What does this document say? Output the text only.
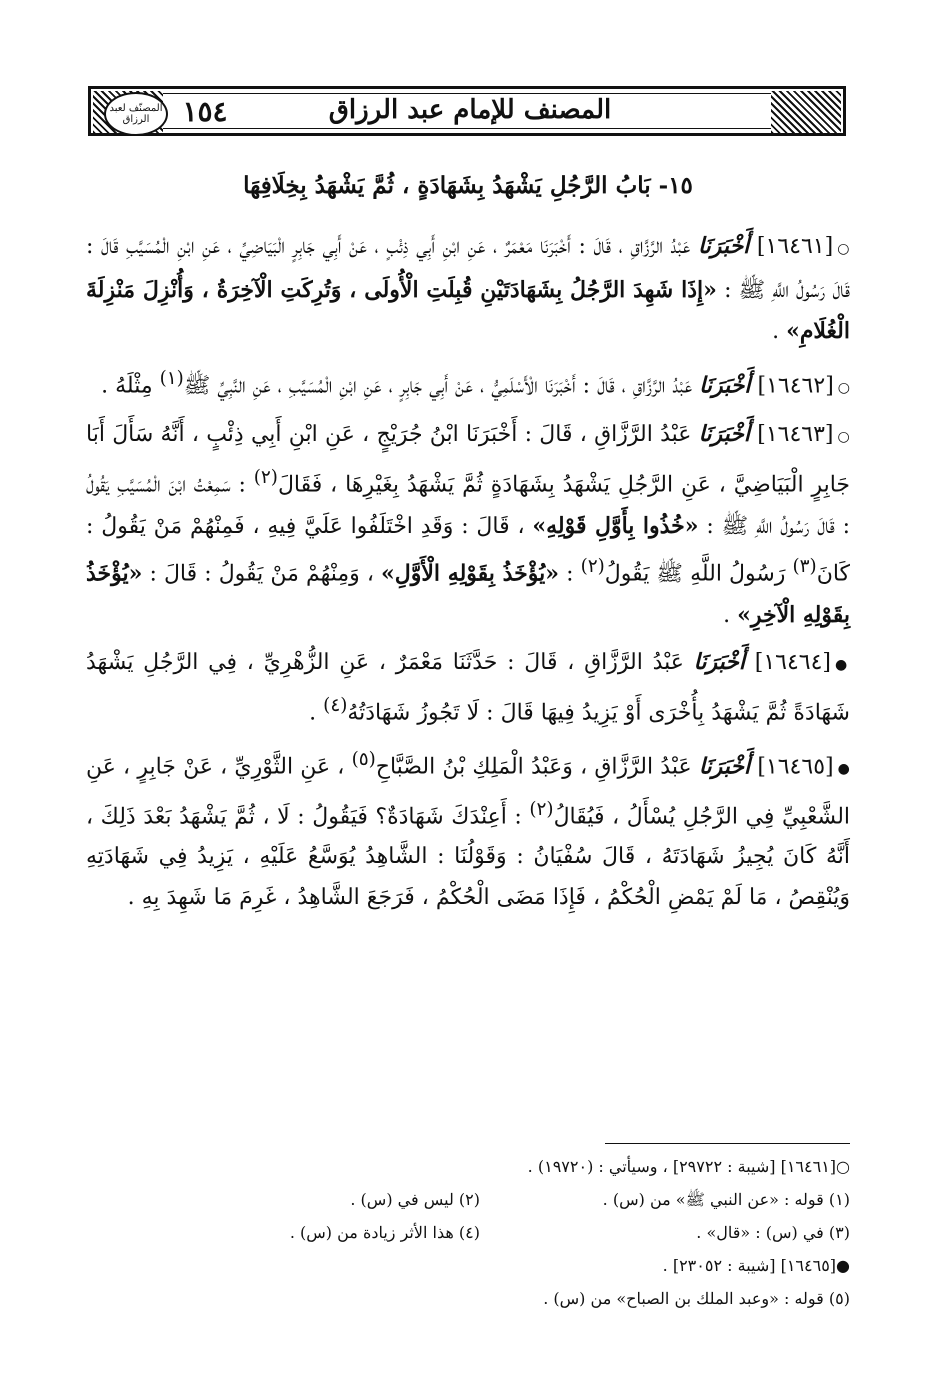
المصنّف لعبد الرزاق	١٥٤	المصنف للإمام عبد الرزاق
١٥- بَابُ الرَّجُلِ يَشْهَدُ بِشَهَادَةٍ ، ثُمَّ يَشْهَدُ بِخِلَافِهَا

○[١٦٤٦١] أَخْبَرَنَا عَبْدُ الرَّزَّاقِ ، قَالَ : أَخْبَرَنَا مَعْمَرٌ ، عَنِ ابْنِ أَبِي ذِئْبٍ ، عَنْ أَبِي جَابِرٍ الْبَيَاضِيِّ ، عَنِ ابْنِ الْمُسَيَّبِ قَالَ : قَالَ رَسُولُ اللَّهِ ﷺ : «إِذَا شَهِدَ الرَّجُلُ بِشَهَادَتَيْنِ قُبِلَتِ الْأُولَى ، وَتُرِكَتِ الْآخِرَةُ ، وَأُنْزِلَ مَنْزِلَةَ الْغُلَامِ» .

○[١٦٤٦٢] أَخْبَرَنَا عَبْدُ الرَّزَّاقِ ، قَالَ : أَخْبَرَنَا الْأَسْلَمِيُّ ، عَنْ أَبِي جَابِرٍ ، عَنِ ابْنِ الْمُسَيَّبِ ، عَنِ النَّبِيِّ ﷺ$^{(١)}$ مِثْلَهُ .

○[١٦٤٦٣] أَخْبَرَنَا عَبْدُ الرَّزَّاقِ ، قَالَ : أَخْبَرَنَا ابْنُ جُرَيْجٍ ، عَنِ ابْنِ أَبِي ذِئْبٍ ، أَنَّهُ سَأَلَ أَبَا جَابِرٍ الْبَيَاضِيَّ ، عَنِ الرَّجُلِ يَشْهَدُ بِشَهَادَةٍ ثُمَّ يَشْهَدُ بِغَيْرِهَا ، فَقَالَ$^{(٢)}$ : سَمِعْتُ ابْنَ الْمُسَيَّبِ يَقُولُ : قَالَ رَسُولُ اللَّهِ ﷺ : «خُذُوا بِأَوَّلِ قَوْلِهِ» ، قَالَ : وَقَدِ اخْتَلَفُوا عَلَيَّ فِيهِ ، فَمِنْهُمْ مَنْ يَقُولُ : كَانَ$^{(٣)}$ رَسُولُ اللَّهِ ﷺ يَقُولُ$^{(٢)}$ : «يُؤْخَذُ بِقَوْلِهِ الْأَوَّلِ» ، وَمِنْهُمْ مَنْ يَقُولُ : قَالَ : «يُؤْخَذُ بِقَوْلِهِ الْآخِرِ» .

●[١٦٤٦٤] أَخْبَرَنَا عَبْدُ الرَّزَّاقِ ، قَالَ : حَدَّثَنَا مَعْمَرٌ ، عَنِ الزُّهْرِيِّ ، فِي الرَّجُلِ يَشْهَدُ شَهَادَةً ثُمَّ يَشْهَدُ بِأُخْرَى أَوْ يَزِيدُ فِيهَا قَالَ : لَا تَجُوزُ شَهَادَتُهُ$^{(٤)}$ .

●[١٦٤٦٥] أَخْبَرَنَا عَبْدُ الرَّزَّاقِ ، وَعَبْدُ الْمَلِكِ بْنُ الصَّبَّاحِ$^{(٥)}$ ، عَنِ الثَّوْرِيِّ ، عَنْ جَابِرٍ ، عَنِ الشَّعْبِيِّ فِي الرَّجُلِ يُسْأَلُ ، فَيُقَالُ$^{(٢)}$ : أَعِنْدَكَ شَهَادَةٌ؟ فَيَقُولُ : لَا ، ثُمَّ يَشْهَدُ بَعْدَ ذَلِكَ ، أَنَّهُ كَانَ يُجِيزُ شَهَادَتَهُ ، قَالَ سُفْيَانُ : وَقَوْلُنَا : الشَّاهِدُ يُوَسَّعُ عَلَيْهِ ، يَزِيدُ فِي شَهَادَتِهِ وَيُنْقِصُ ، مَا لَمْ يَمْضِ الْحُكْمُ ، فَإِذَا مَضَى الْحُكْمُ ، فَرَجَعَ الشَّاهِدُ ، غَرِمَ مَا شَهِدَ بِهِ .

○[١٦٤٦١] [شيبة : ٢٩٧٢٢] ، وسيأتي : (١٩٧٢٠) .
(١) قوله : «عن النبي ﷺ» من (س) .
(٢) ليس في (س) .
(٣) في (س) : «قال» .
(٤) هذا الأثر زيادة من (س) .
●[١٦٤٦٥] [شيبة : ٢٣٠٥٢] .
(٥) قوله : «وعبد الملك بن الصباح» من (س) .
